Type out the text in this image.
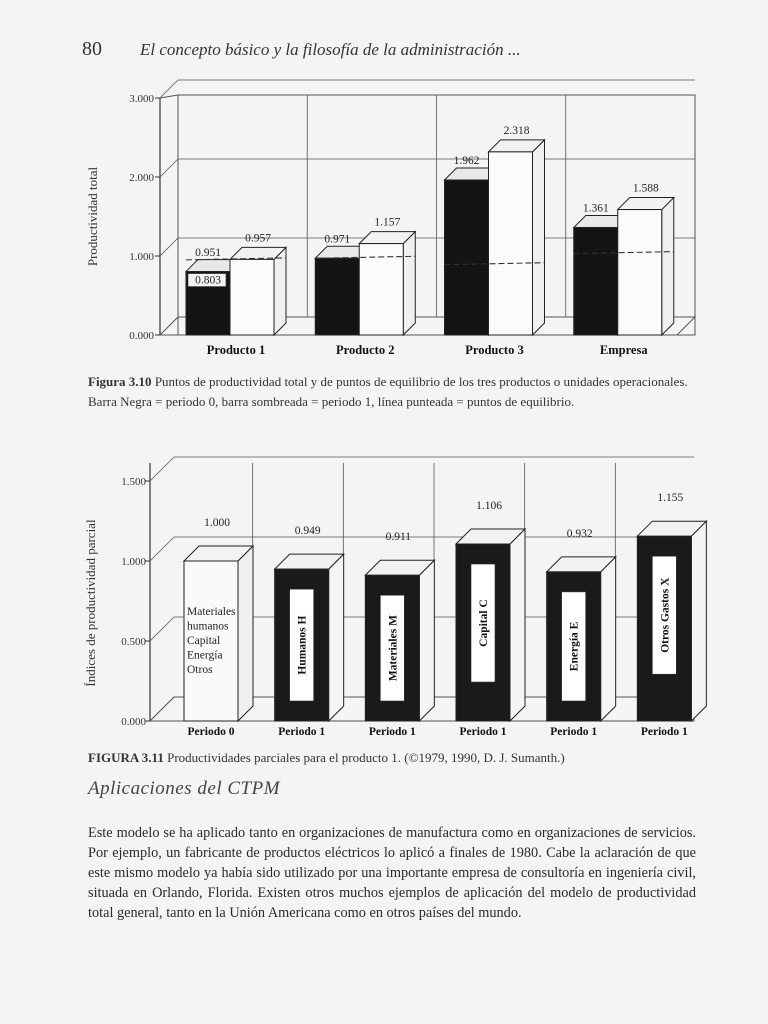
80 El concepto básico y la filosofía de la administración ...
0.000
1.000
2.000
3.000
Productividad total	0.957
0.951
0.803
Producto 1
0.971
1.157
Producto 2
1.962
2.318
Producto 3
1.361
1.588
Empresa
Figura 3.10 Puntos de productividad total y de puntos de equilibrio de los tres productos o unidades operacionales. Barra Negra = periodo 0, barra sombreada = periodo 1, línea punteada = puntos de equilibrio.
0.000
0.500
1.000
1.500
Índices de productividad parcial	Materiales
humanos
Capital
Energía
Otros
1.000
Periodo 0
Humanos H
0.949
Periodo 1
Materiales M
0.911
Periodo 1
Capital C
1.106
Periodo 1
Energía E
0.932
Periodo 1
Otros Gastos X
1.155
Periodo 1
FIGURA 3.11 Productividades parciales para el producto 1. (©1979, 1990, D. J. Sumanth.)
Aplicaciones del CTPM
Este modelo se ha aplicado tanto en organizaciones de manufactura como en organizaciones de servicios. Por ejemplo, un fabricante de productos eléctricos lo aplicó a finales de 1980. Cabe la aclaración de que este mismo modelo ya había sido utilizado por una importante empresa de consultoría en ingeniería civil, situada en Orlando, Florida. Existen otros muchos ejemplos de aplicación del modelo de productividad total general, tanto en la Unión Americana como en otros países del mundo.
